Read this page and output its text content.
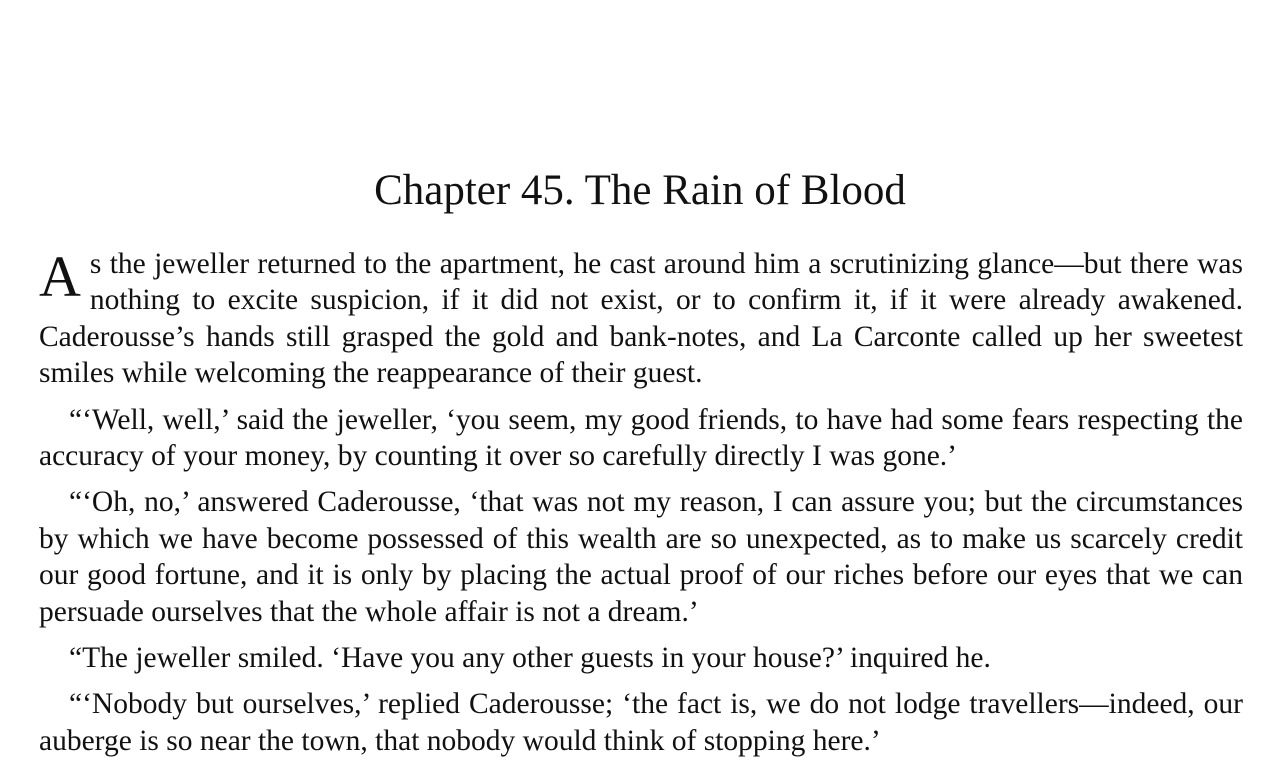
Chapter 45. The Rain of Blood

As the jeweller returned to the apartment, he cast around him a scrutinizing glance—but there was nothing to excite suspicion, if it did not exist, or to confirm it, if it were already awakened. Caderousse’s hands still grasped the gold and bank-notes, and La Carconte called up her sweetest smiles while welcoming the reappearance of their guest.

“‘Well, well,’ said the jeweller, ‘you seem, my good friends, to have had some fears respecting the accuracy of your money, by counting it over so carefully directly I was gone.’

“‘Oh, no,’ answered Caderousse, ‘that was not my reason, I can assure you; but the circumstances by which we have become possessed of this wealth are so unexpected, as to make us scarcely credit our good fortune, and it is only by placing the actual proof of our riches before our eyes that we can persuade ourselves that the whole affair is not a dream.’

“The jeweller smiled. ‘Have you any other guests in your house?’ inquired he.

“‘Nobody but ourselves,’ replied Caderousse; ‘the fact is, we do not lodge travellers—indeed, our auberge is so near the town, that nobody would think of stopping here.’
